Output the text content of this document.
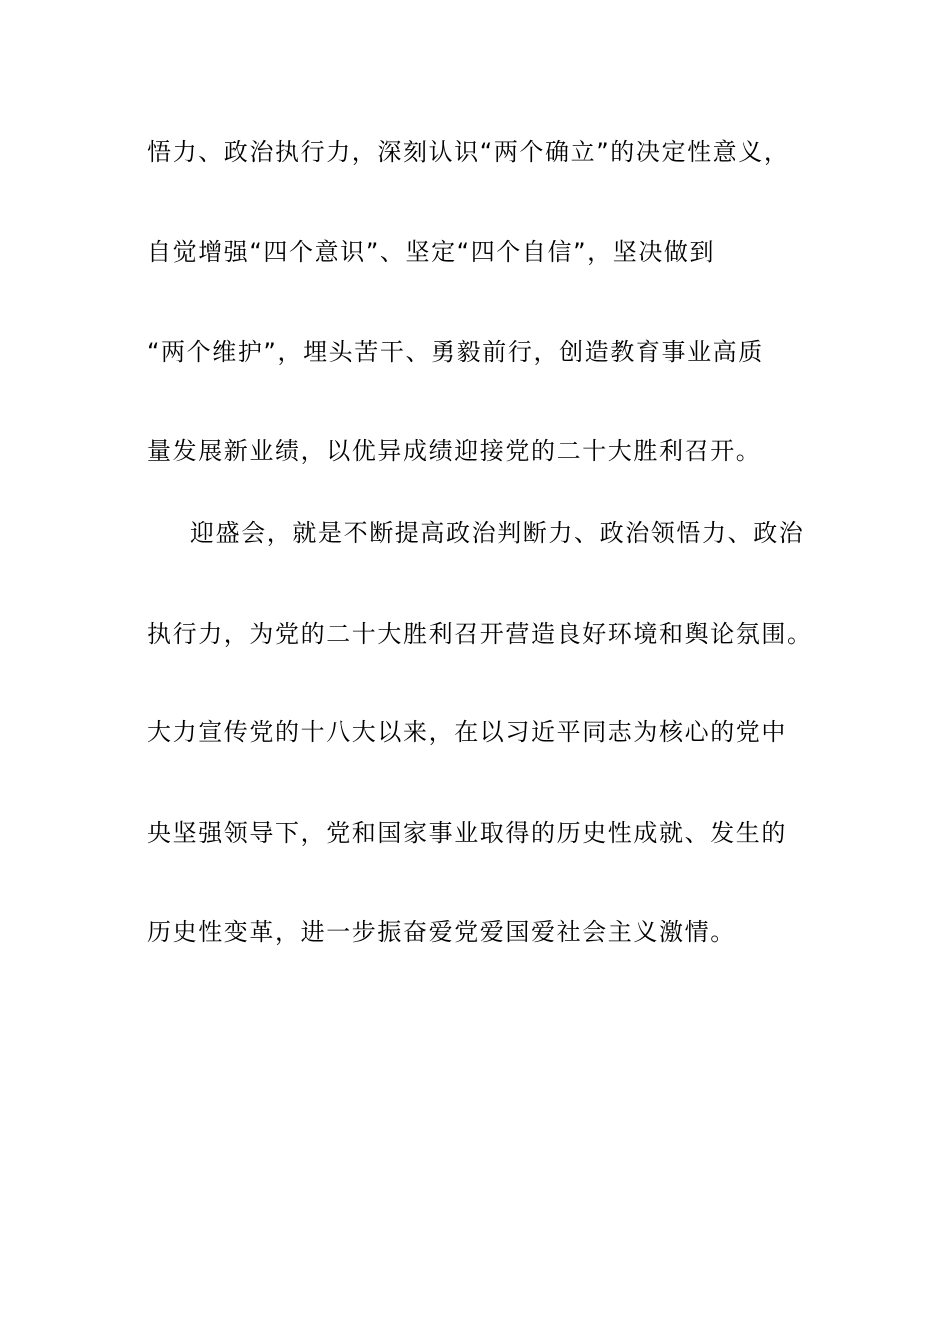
悟力、政治执行力，深刻认识“两个确立”的决定性意义，
自觉增强“四个意识”、坚定“四个自信”，坚决做到
“两个维护”，埋头苦干、勇毅前行，创造教育事业高质
量发展新业绩，以优异成绩迎接党的二十大胜利召开。
迎盛会，就是不断提高政治判断力、政治领悟力、政治
执行力，为党的二十大胜利召开营造良好环境和舆论氛围。
大力宣传党的十八大以来，在以习近平同志为核心的党中
央坚强领导下，党和国家事业取得的历史性成就、发生的
历史性变革，进一步振奋爱党爱国爱社会主义激情。
